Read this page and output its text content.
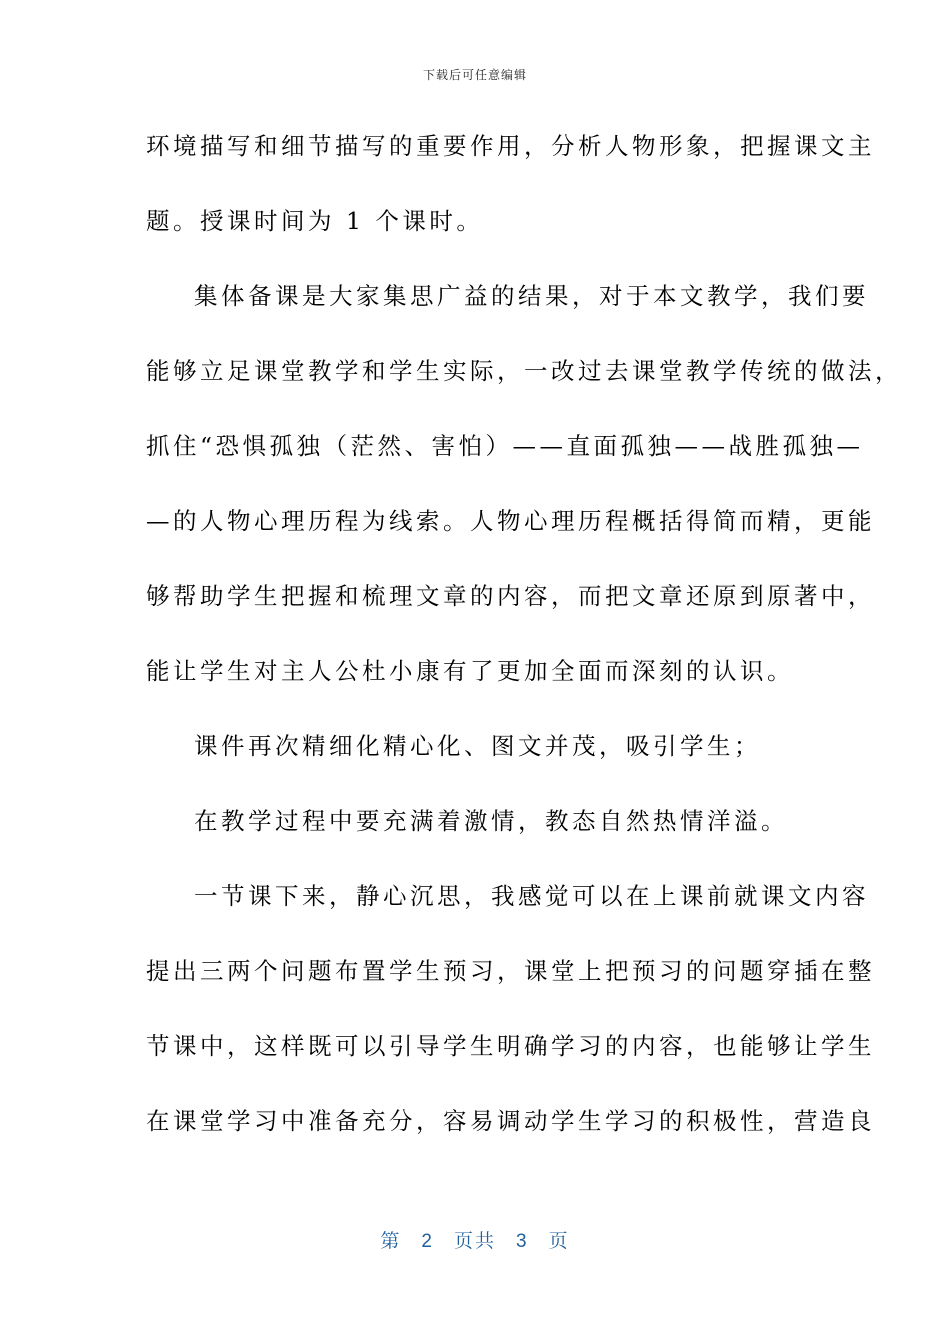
下载后可任意编辑
环境描写和细节描写的重要作用，分析人物形象，把握课文主
题。授课时间为 1 个课时。
集体备课是大家集思广益的结果，对于本文教学，我们要
能够立足课堂教学和学生实际，一改过去课堂教学传统的做法，
抓住“恐惧孤独（茫然、害怕）——直面孤独——战胜孤独—
—的人物心理历程为线索。人物心理历程概括得简而精，更能
够帮助学生把握和梳理文章的内容，而把文章还原到原著中，
能让学生对主人公杜小康有了更加全面而深刻的认识。
课件再次精细化精心化、图文并茂，吸引学生；
在教学过程中要充满着激情，教态自然热情洋溢。
一节课下来，静心沉思，我感觉可以在上课前就课文内容
提出三两个问题布置学生预习，课堂上把预习的问题穿插在整
节课中，这样既可以引导学生明确学习的内容，也能够让学生
在课堂学习中准备充分，容易调动学生学习的积极性，营造良
第 2 页共 3 页
